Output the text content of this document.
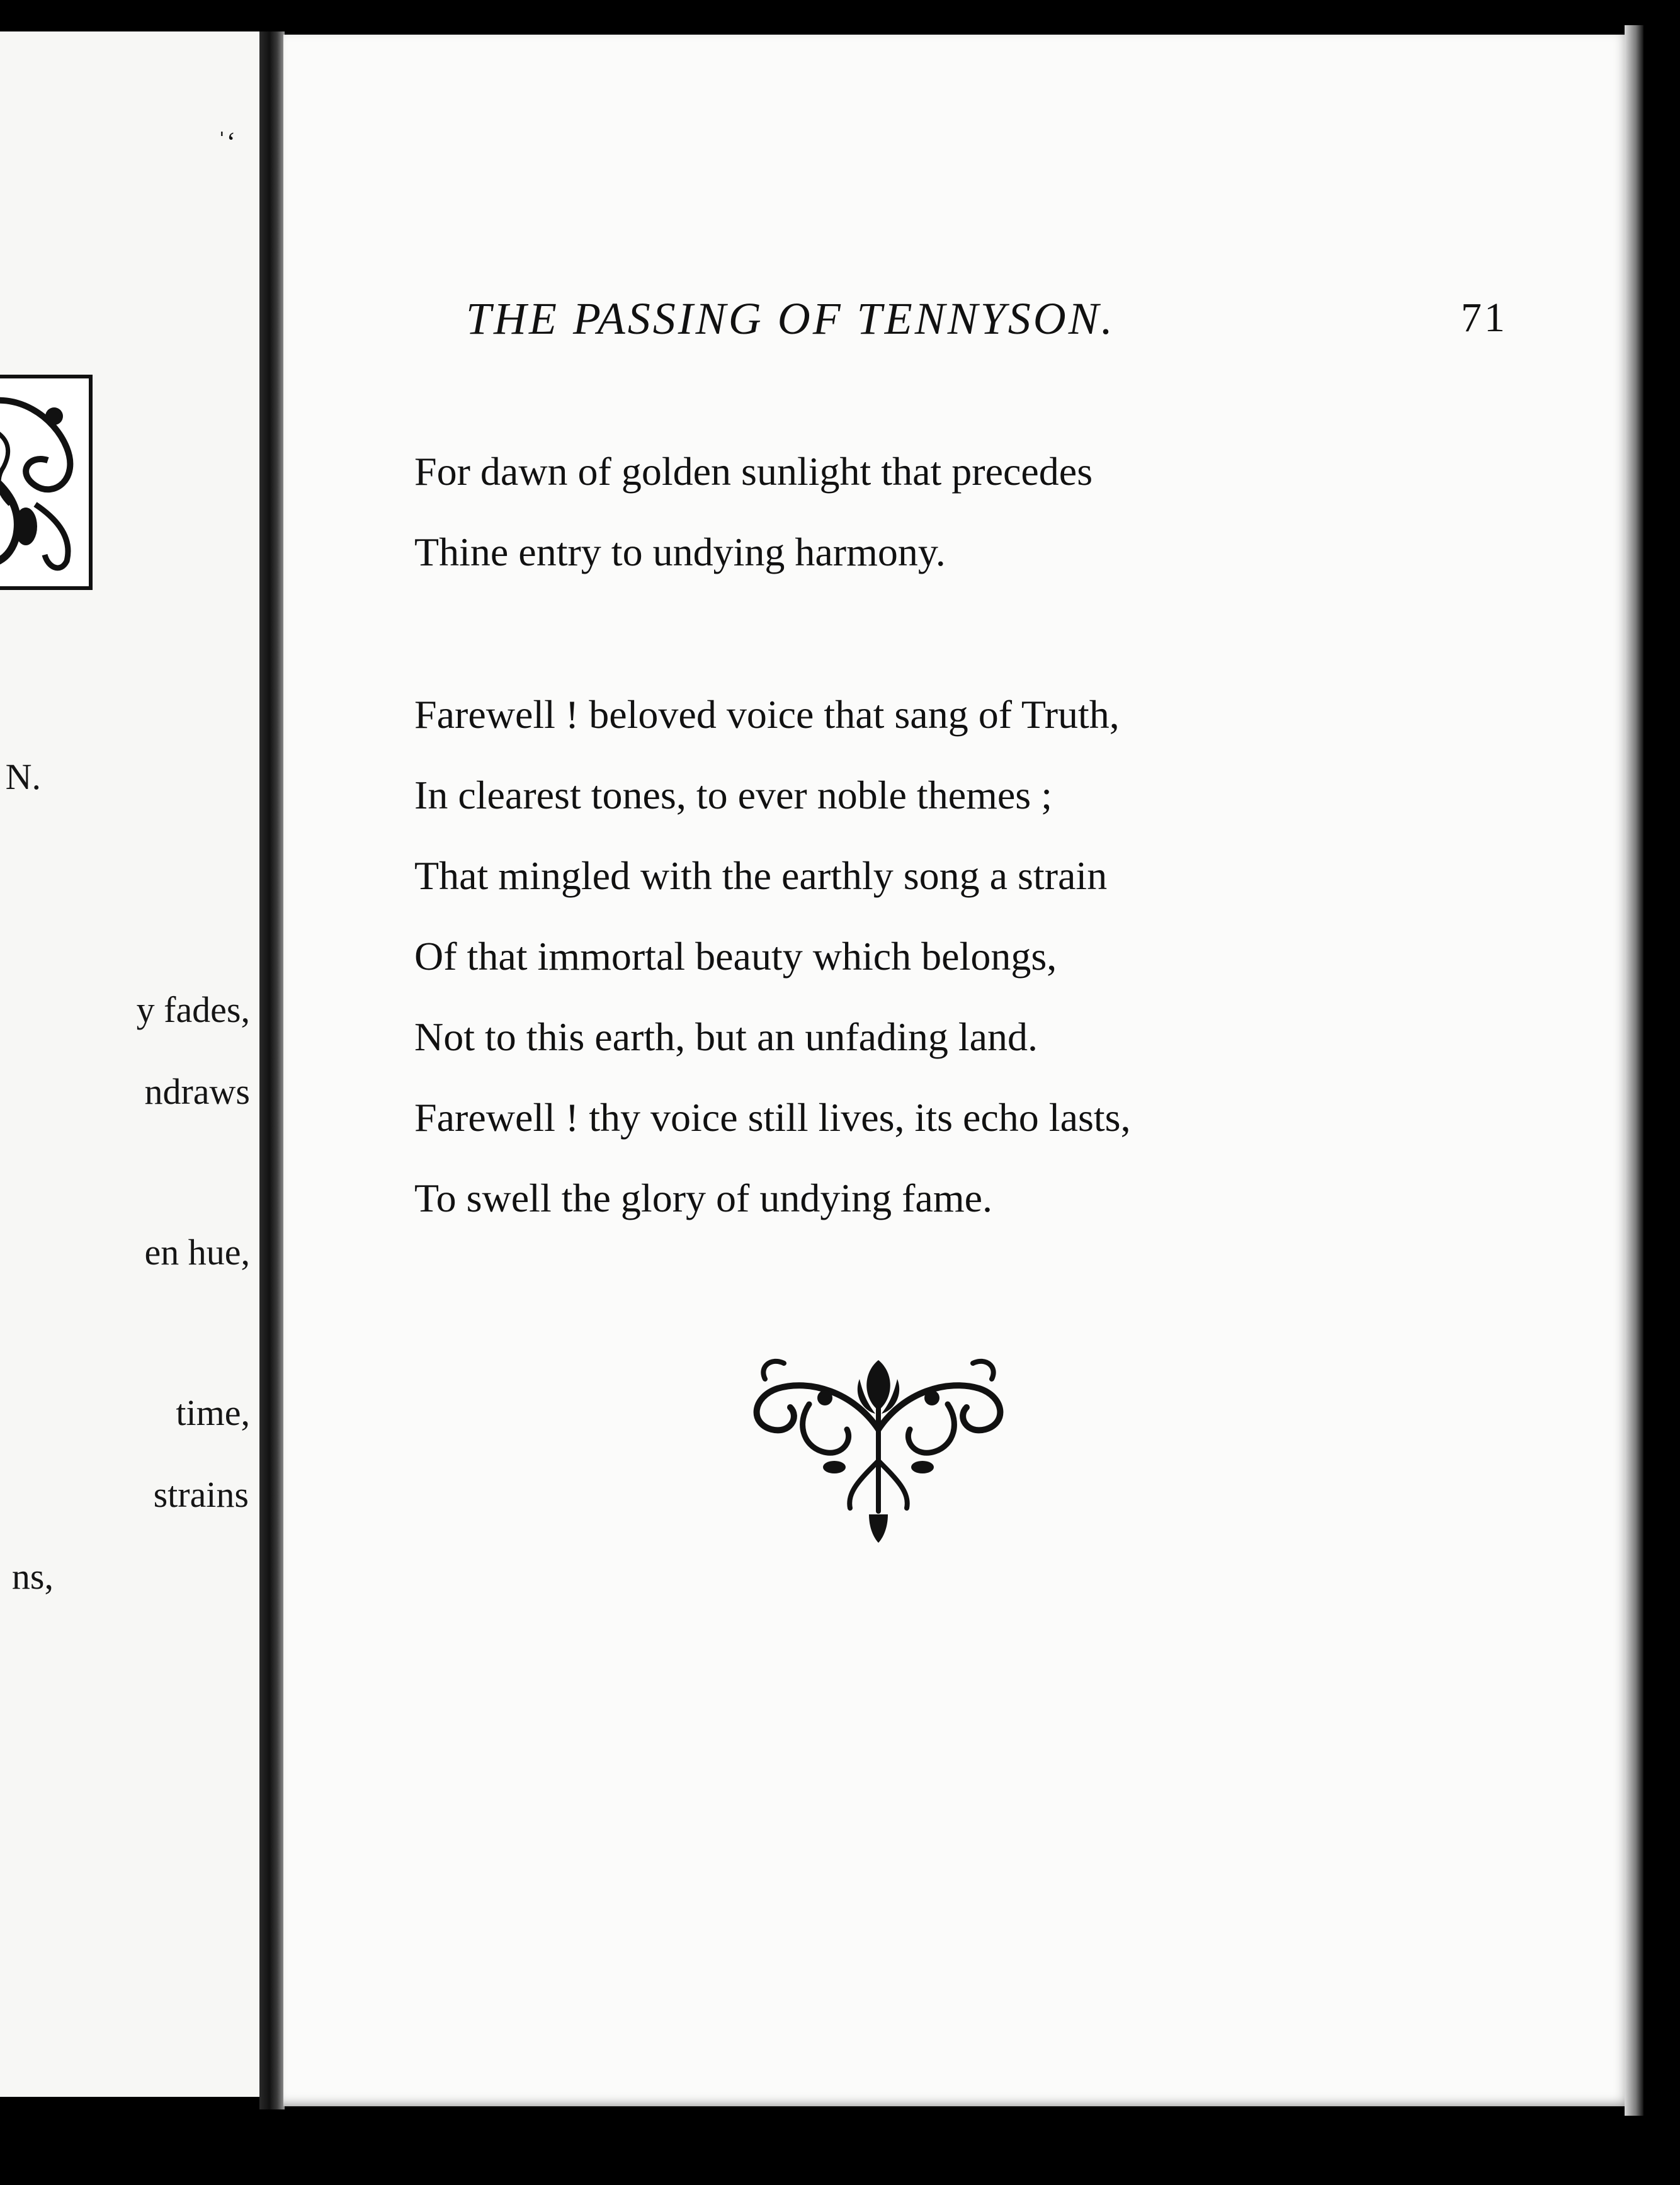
ˈ‘
N.
y fades,
ndraws
en hue,
time,
strains
ns,
THE PASSING OF TENNYSON.	71
For dawn of golden sunlight that precedes
Thine entry to undying harmony.
Farewell ! beloved voice that sang of Truth,
In clearest tones, to ever noble themes ;
That mingled with the earthly song a strain
Of that immortal beauty which belongs,
Not to this earth, but an unfading land.
Farewell ! thy voice still lives, its echo lasts,
To swell the glory of undying fame.
